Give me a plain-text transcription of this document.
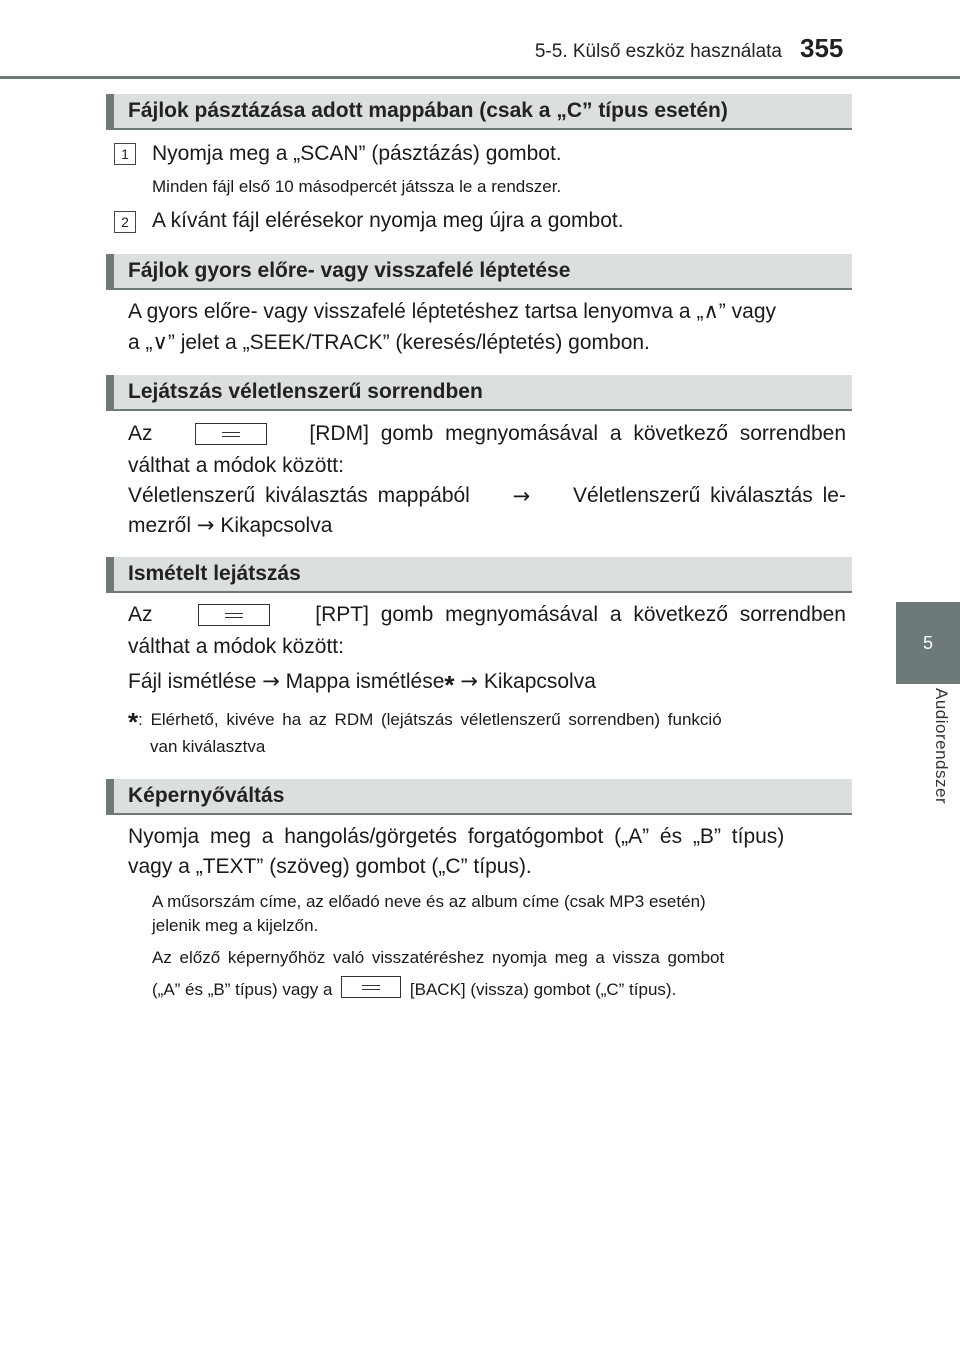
5-5. Külső eszköz használata 355
5
Audiorendszer
Fájlok pásztázása adott mappában (csak a „C” típus esetén)
1	Nyomja meg a „SCAN” (pásztázás) gombot.
Minden fájl első 10 másodpercét játssza le a rendszer.
2	A kívánt fájl elérésekor nyomja meg újra a gombot.
Fájlok gyors előre- vagy visszafelé léptetése
A gyors előre- vagy visszafelé léptetéshez tartsa lenyomva a „∧” vagy
a „∨” jelet a „SEEK/TRACK” (keresés/léptetés) gombon.
Lejátszás véletlenszerű sorrendben
Az	[RDM] gomb megnyomásával a következő sorrendben
válthat a módok között:
Véletlenszerű kiválasztás mappából → Véletlenszerű kiválasztás le-
mezről → Kikapcsolva
Ismételt lejátszás
Az	[RPT] gomb megnyomásával a következő sorrendben
válthat a módok között:
Fájl ismétlése → Mappa ismétlése* → Kikapcsolva
*: Elérhető, kivéve ha az RDM (lejátszás véletlenszerű sorrendben) funkció
van kiválasztva
Képernyőváltás
Nyomja meg a hangolás/görgetés forgatógombot („A” és „B” típus)
vagy a „TEXT” (szöveg) gombot („C” típus).
A műsorszám címe, az előadó neve és az album címe (csak MP3 esetén)
jelenik meg a kijelzőn.
Az előző képernyőhöz való visszatéréshez nyomja meg a vissza gombot
(„A” és „B” típus) vagy a	[BACK] (vissza) gombot („C” típus).
